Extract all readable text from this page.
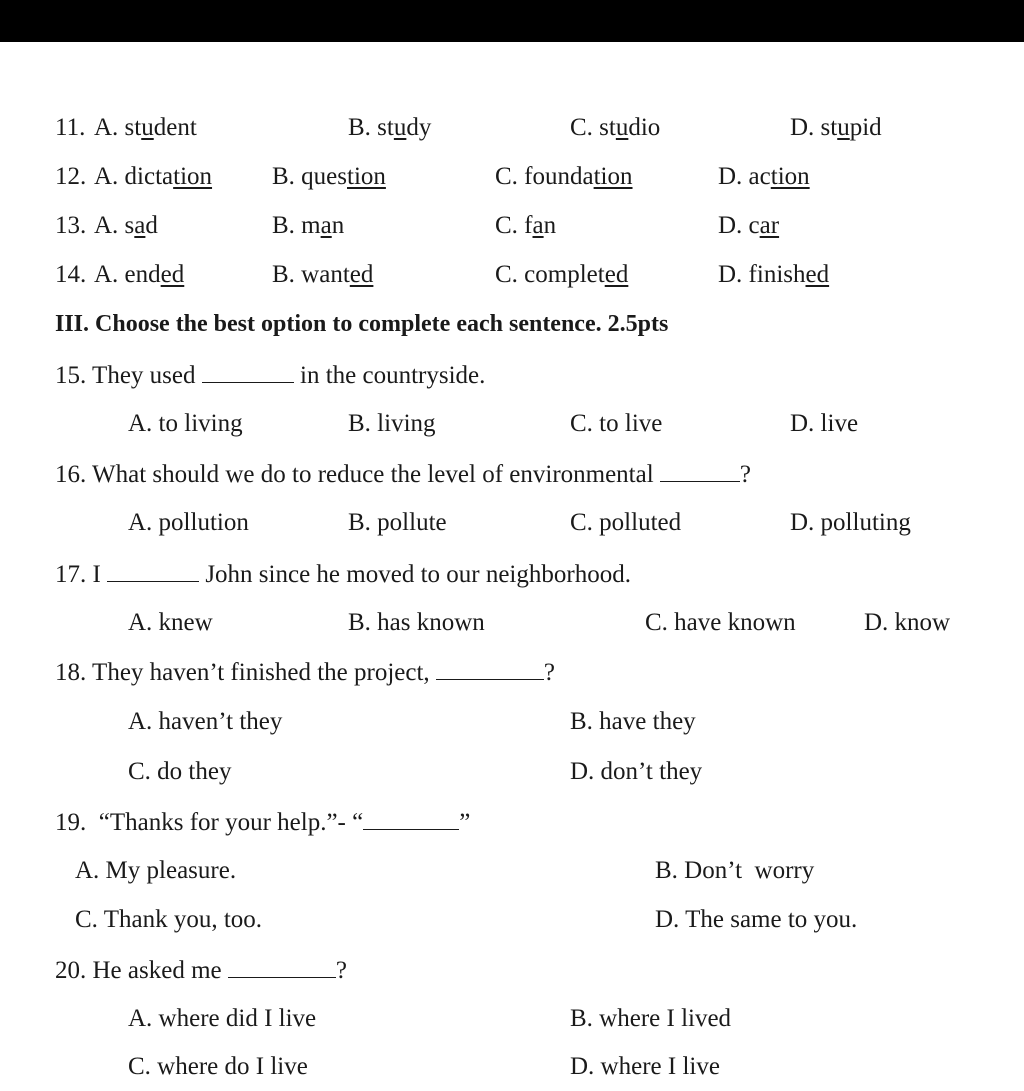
11. A. student	B. study	C. studio	D. stupid
12. A. dictation B. question	C. foundation	D. action
13. A. sad	B. man	C. fan	D. car
14. A. ended	B. wanted	C. completed	D. finished
III. Choose the best option to complete each sentence. 2.5pts
15. They used	in the countryside.
A. to living	B. living	C. to live	D. live
16. What should we do to reduce the level of environmental	?
A. pollution	B. pollute	C. polluted	D. polluting
17. I	John since he moved to our neighborhood.
A. knew	B. has known	C. have known	D. know
18. They haven’t finished the project,	?
A. haven’t they	B. have they
C. do they	D. don’t they
19.  “Thanks for your help.”- “	”
A. My pleasure.	B. Don’t  worry
C. Thank you, too.	D. The same to you.
20. He asked me	?
A. where did I live	B. where I lived
C. where do I live	D. where I live
